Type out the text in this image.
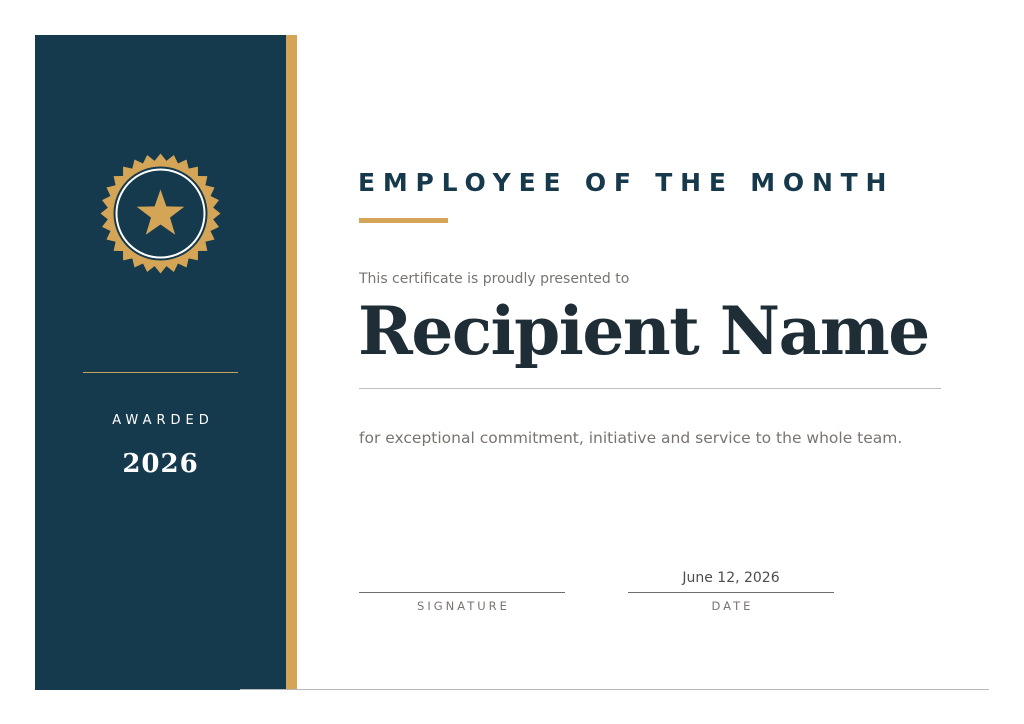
AWARDED
2026
EMPLOYEE OF THE MONTH
This certificate is proudly presented to
Recipient Name
for exceptional commitment, initiative and service to the whole team.
SIGNATURE
June 12, 2026
DATE
